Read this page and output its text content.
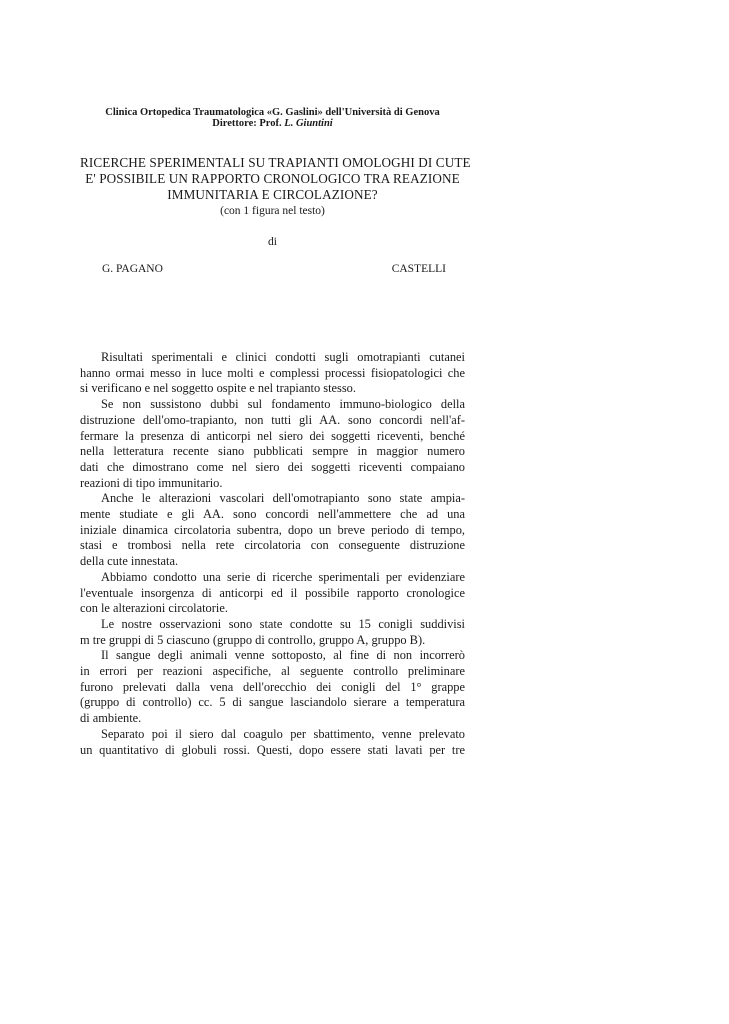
Clinica Ortopedica Traumatologica «G. Gaslini» dell'Università di Genova
Direttore: Prof. L. Giuntini
RICERCHE SPERIMENTALI SU TRAPIANTI OMOLOGHI DI CUTE
E' POSSIBILE UN RAPPORTO CRONOLOGICO TRA REAZIONE
IMMUNITARIA E CIRCOLAZIONE?
(con 1 figura nel testo)
di
G. PAGANO	CASTELLI
Risultati sperimentali e clinici condotti sugli omotrapianti cutanei
hanno ormai messo in luce molti e complessi processi fisiopatologici che
si verificano e nel soggetto ospite e nel trapianto stesso.
Se non sussistono dubbi sul fondamento immuno-biologico della
distruzione dell'omo-trapianto, non tutti gli AA. sono concordi nell'af-
fermare la presenza di anticorpi nel siero dei soggetti riceventi, benché
nella letteratura recente siano pubblicati sempre in maggior numero
dati che dimostrano come nel siero dei soggetti riceventi compaiano
reazioni di tipo immunitario.
Anche le alterazioni vascolari dell'omotrapianto sono state ampia-
mente studiate e gli AA. sono concordi nell'ammettere che ad una
iniziale dinamica circolatoria subentra, dopo un breve periodo di tempo,
stasi e trombosi nella rete circolatoria con conseguente distruzione
della cute innestata.
Abbiamo condotto una serie di ricerche sperimentali per evidenziare
l'eventuale insorgenza di anticorpi ed il possibile rapporto cronologice
con le alterazioni circolatorie.
Le nostre osservazioni sono state condotte su 15 conigli suddivisi
m tre gruppi di 5 ciascuno (gruppo di controllo, gruppo A, gruppo B).
Il sangue degli animali venne sottoposto, al fine di non incorrerò
in errori per reazioni aspecifiche, al seguente controllo preliminare
furono prelevati dalla vena dell'orecchio dei conigli del 1° grappe
(gruppo di controllo) cc. 5 di sangue lasciandolo sierare a temperatura
di ambiente.
Separato poi il siero dal coagulo per sbattimento, venne prelevato
un quantitativo di globuli rossi. Questi, dopo essere stati lavati per tre
